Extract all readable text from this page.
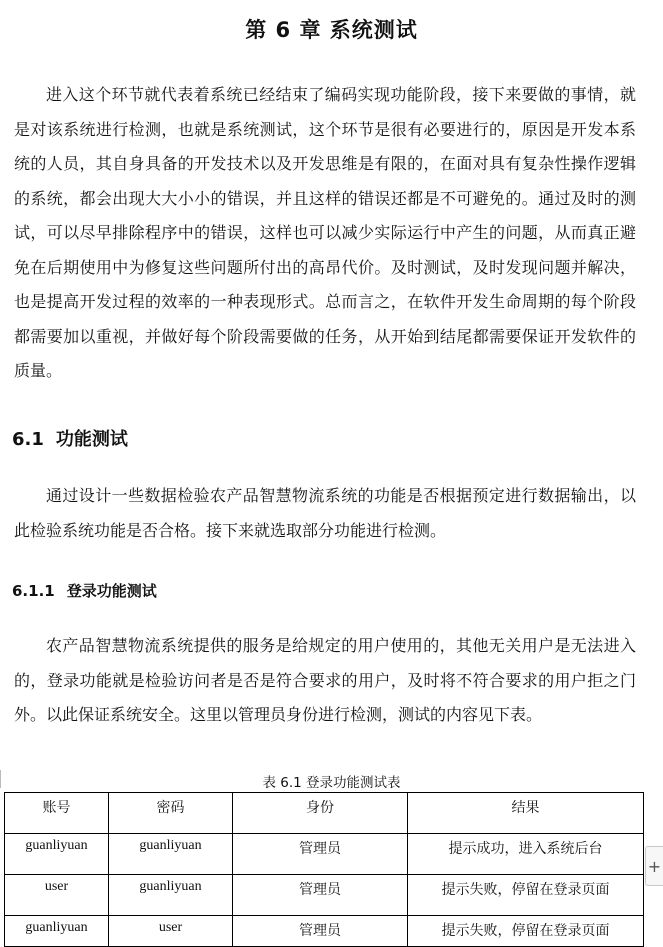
第 6 章 系统测试

进入这个环节就代表着系统已经结束了编码实现功能阶段，接下来要做的事情，就是对该系统进行检测，也就是系统测试，这个环节是很有必要进行的，原因是开发本系统的人员，其自身具备的开发技术以及开发思维是有限的，在面对具有复杂性操作逻辑的系统，都会出现大大小小的错误，并且这样的错误还都是不可避免的。通过及时的测试，可以尽早排除程序中的错误，这样也可以减少实际运行中产生的问题，从而真正避免在后期使用中为修复这些问题所付出的高昂代价。及时测试，及时发现问题并解决，也是提高开发过程的效率的一种表现形式。总而言之，在软件开发生命周期的每个阶段都需要加以重视，并做好每个阶段需要做的任务，从开始到结尾都需要保证开发软件的质量。

6.1 功能测试

通过设计一些数据检验农产品智慧物流系统的功能是否根据预定进行数据输出，以此检验系统功能是否合格。接下来就选取部分功能进行检测。

6.1.1 登录功能测试

农产品智慧物流系统提供的服务是给规定的用户使用的，其他无关用户是无法进入的，登录功能就是检验访问者是否是符合要求的用户，及时将不符合要求的用户拒之门外。以此保证系统安全。这里以管理员身份进行检测，测试的内容见下表。

表 6.1 登录功能测试表

账号	密码	身份	结果
guanliyuan	guanliyuan	管理员	提示成功，进入系统后台
user	guanliyuan	管理员	提示失败，停留在登录页面
guanliyuan	user	管理员	提示失败，停留在登录页面
+
